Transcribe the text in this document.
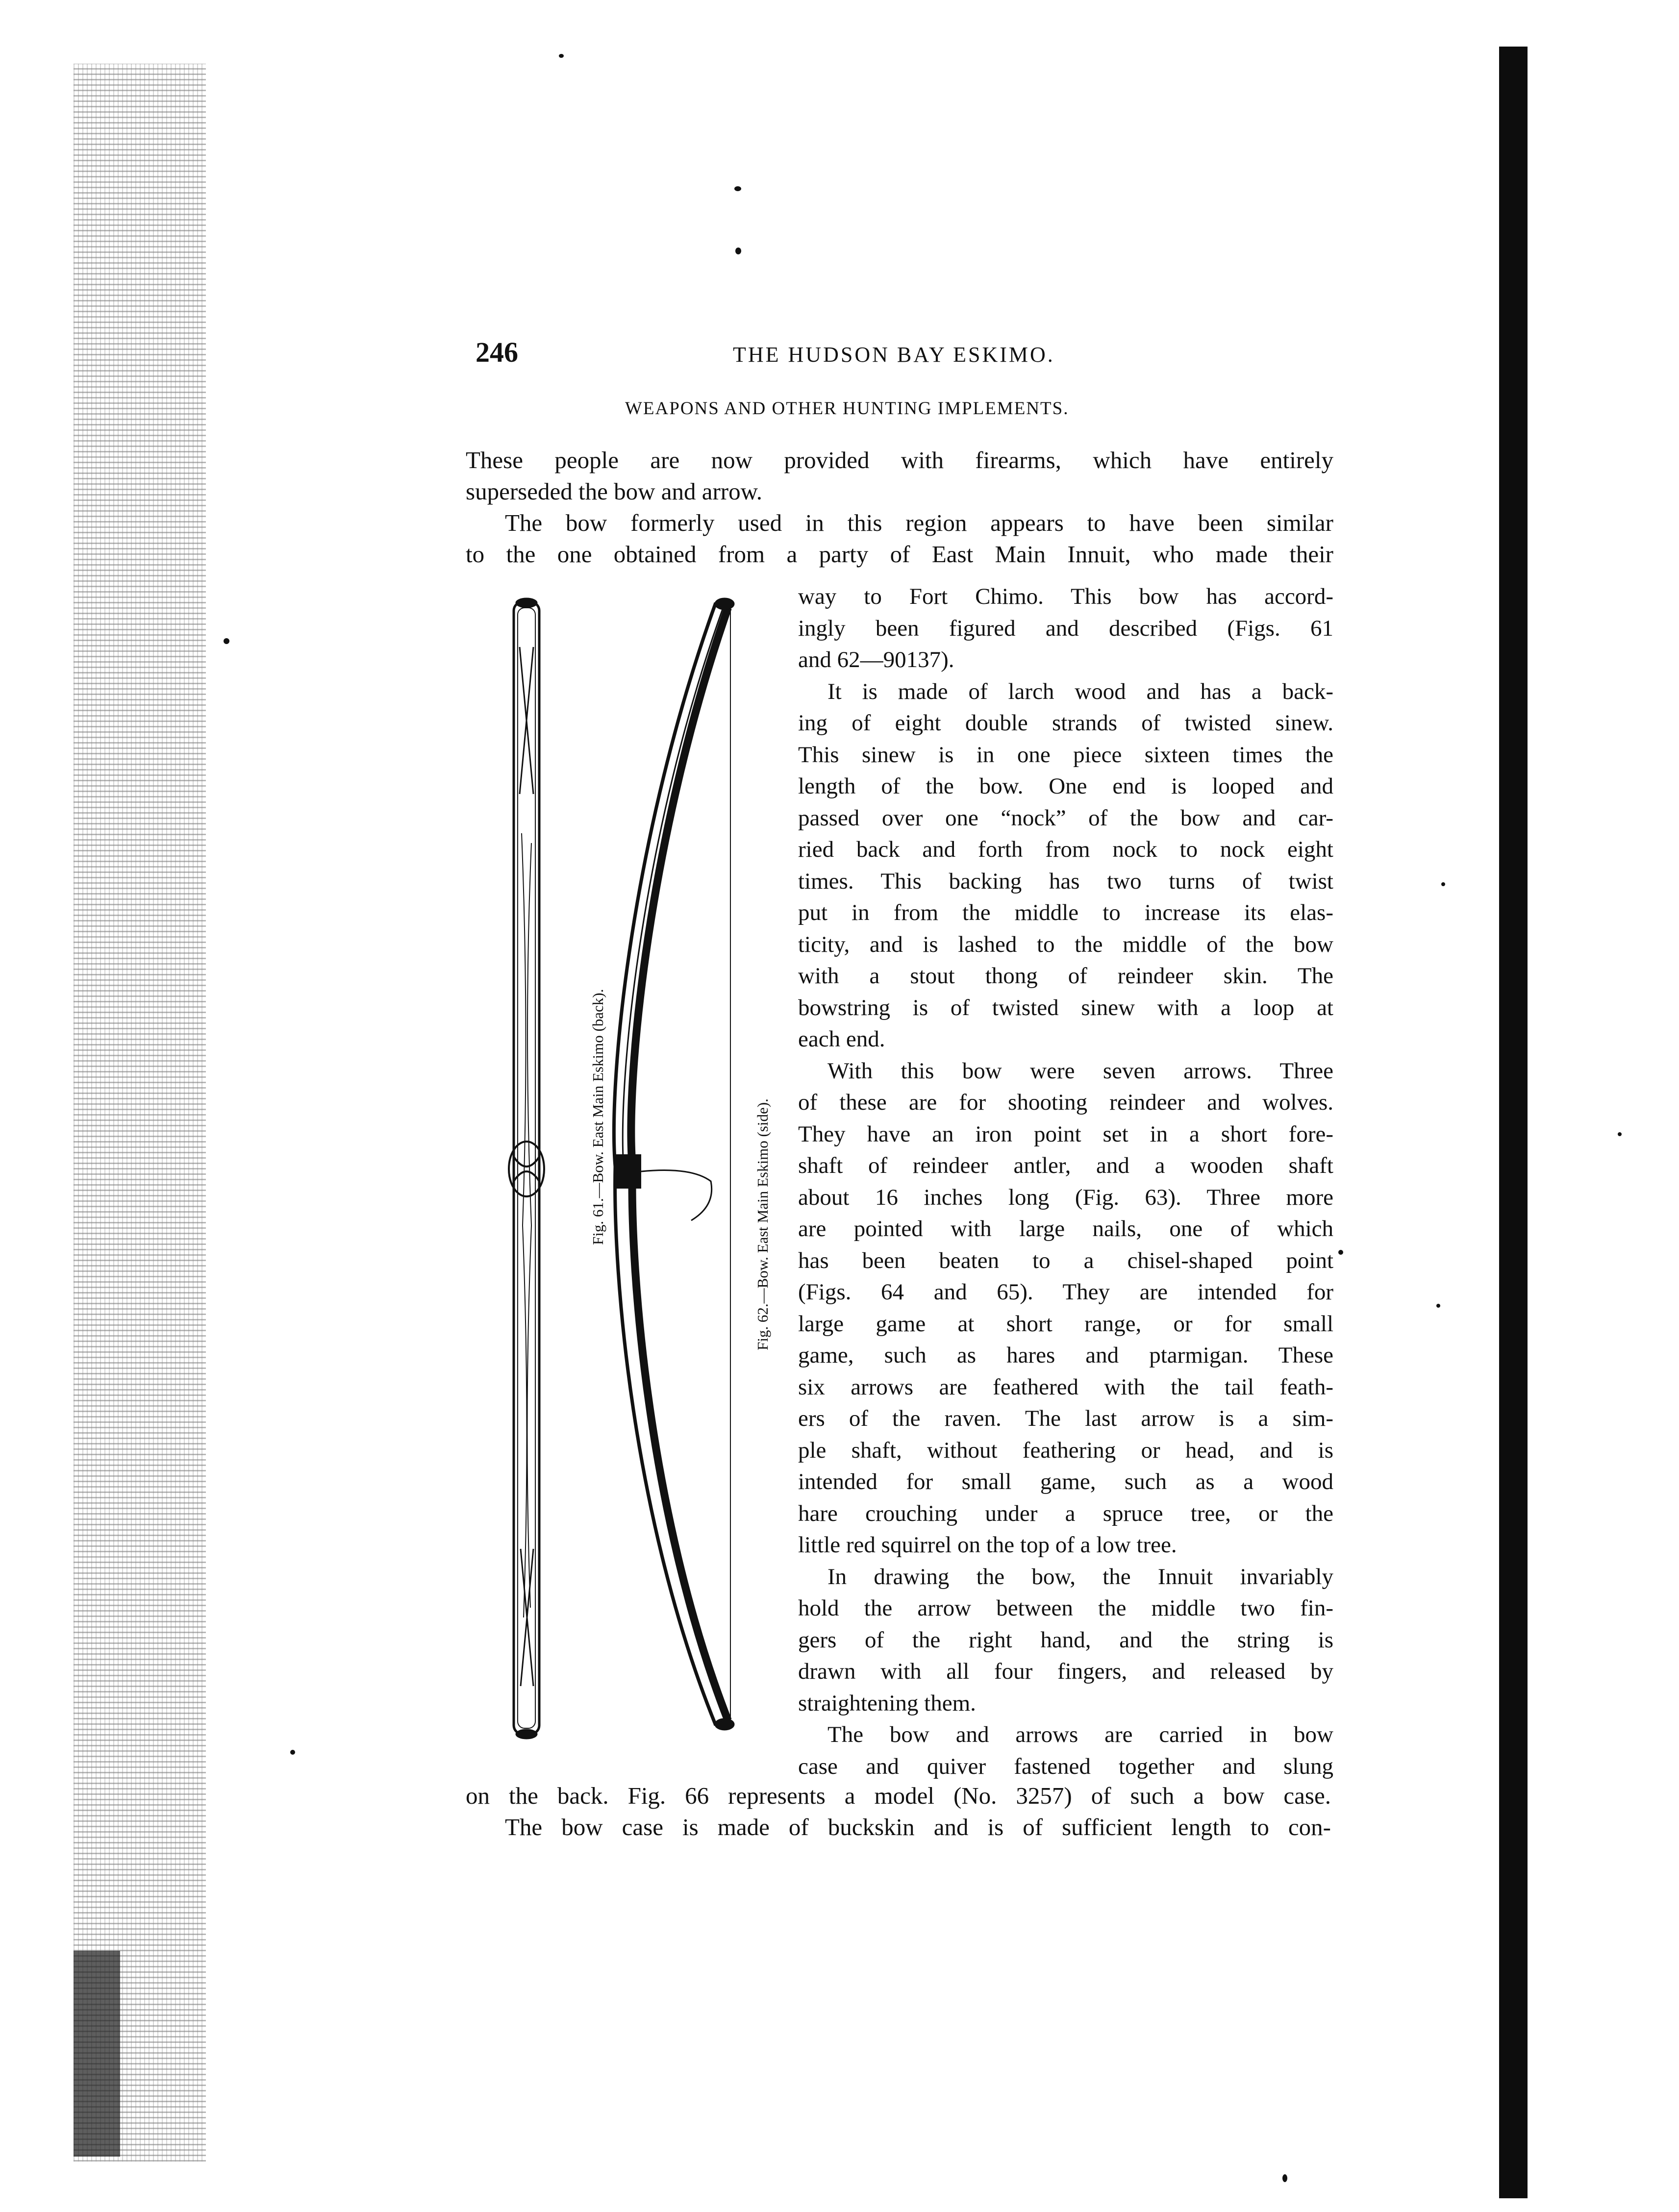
246	THE HUDSON BAY ESKIMO.
WEAPONS AND OTHER HUNTING IMPLEMENTS.
These people are now provided with firearms, which have entirely
superseded the bow and arrow.
The bow formerly used in this region appears to have been similar
to the one obtained from a party of East Main Innuit, who made their
Fig. 61.—Bow. East Main Eskimo (back).	Fig. 62.—Bow. East Main Eskimo (side).
way to Fort Chimo. This bow has accord-
ingly been figured and described (Figs. 61
and 62—90137).
It is made of larch wood and has a back-
ing of eight double strands of twisted sinew.
This sinew is in one piece sixteen times the
length of the bow. One end is looped and
passed over one “nock” of the bow and car-
ried back and forth from nock to nock eight
times. This backing has two turns of twist
put in from the middle to increase its elas-
ticity, and is lashed to the middle of the bow
with a stout thong of reindeer skin. The
bowstring is of twisted sinew with a loop at
each end.
With this bow were seven arrows. Three
of these are for shooting reindeer and wolves.
They have an iron point set in a short fore-
shaft of reindeer antler, and a wooden shaft
about 16 inches long (Fig. 63). Three more
are pointed with large nails, one of which
has been beaten to a chisel-shaped point
(Figs. 64 and 65). They are intended for
large game at short range, or for small
game, such as hares and ptarmigan. These
six arrows are feathered with the tail feath-
ers of the raven. The last arrow is a sim-
ple shaft, without feathering or head, and is
intended for small game, such as a wood
hare crouching under a spruce tree, or the
little red squirrel on the top of a low tree.
In drawing the bow, the Innuit invariably
hold the arrow between the middle two fin-
gers of the right hand, and the string is
drawn with all four fingers, and released by
straightening them.
The bow and arrows are carried in bow
case and quiver fastened together and slung
on the back. Fig. 66 represents a model (No. 3257) of such a bow case.
The bow case is made of buckskin and is of sufficient length to con-
